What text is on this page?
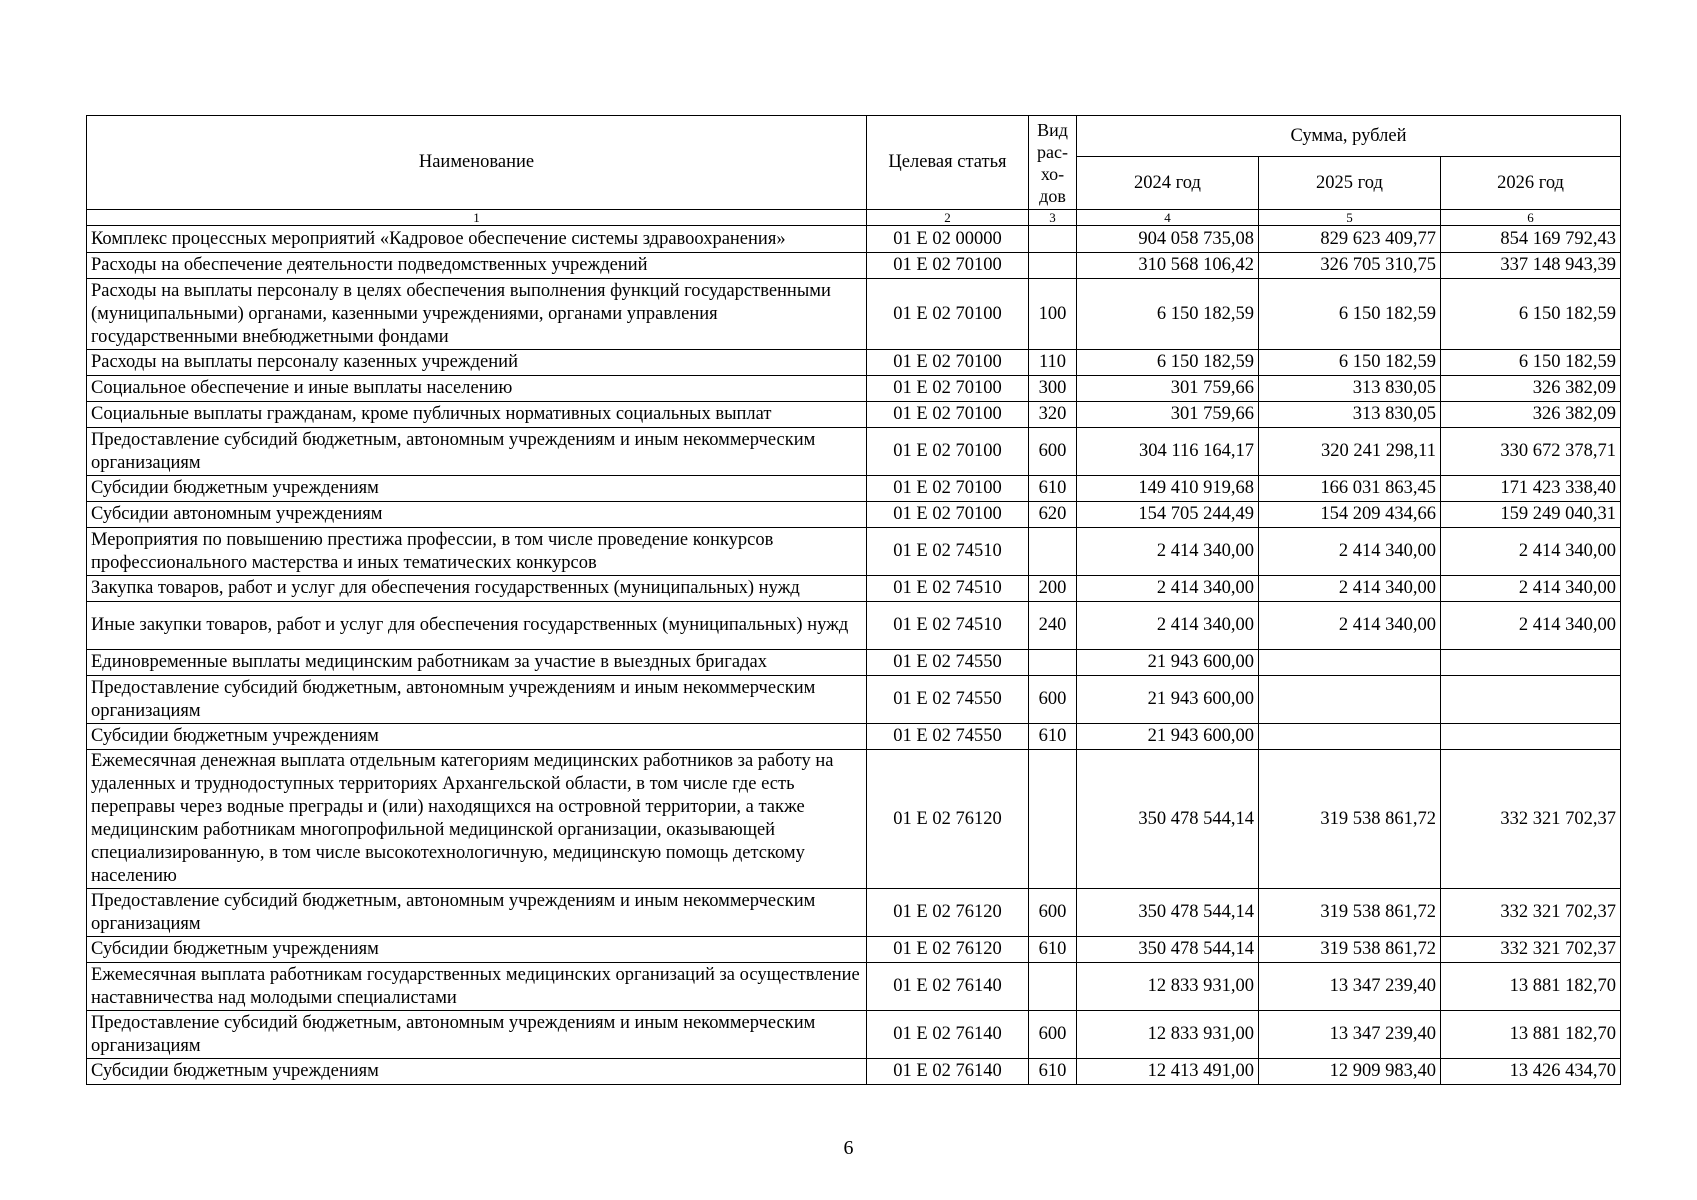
Наименование	Целевая статья	Вид рас-хо-дов	Сумма, рублей		
			2024 год	2025 год	2026 год
1	2	3	4	5	6
Комплекс процессных мероприятий «Кадровое обеспечение системы здравоохранения»	01 Е 02 00000		904 058 735,08	829 623 409,77	854 169 792,43
Расходы на обеспечение деятельности подведомственных учреждений	01 Е 02 70100		310 568 106,42	326 705 310,75	337 148 943,39
Расходы на выплаты персоналу в целях обеспечения выполнения функций государственными (муниципальными) органами, казенными учреждениями, органами управления государственными внебюджетными фондами	01 Е 02 70100	100	6 150 182,59	6 150 182,59	6 150 182,59
Расходы на выплаты персоналу казенных учреждений	01 Е 02 70100	110	6 150 182,59	6 150 182,59	6 150 182,59
Социальное обеспечение и иные выплаты населению	01 Е 02 70100	300	301 759,66	313 830,05	326 382,09
Социальные выплаты гражданам, кроме публичных нормативных социальных выплат	01 Е 02 70100	320	301 759,66	313 830,05	326 382,09
Предоставление субсидий бюджетным, автономным учреждениям и иным некоммерческим организациям	01 Е 02 70100	600	304 116 164,17	320 241 298,11	330 672 378,71
Субсидии бюджетным учреждениям	01 Е 02 70100	610	149 410 919,68	166 031 863,45	171 423 338,40
Субсидии автономным учреждениям	01 Е 02 70100	620	154 705 244,49	154 209 434,66	159 249 040,31
Мероприятия по повышению престижа профессии, в том числе проведение конкурсов профессионального мастерства и иных тематических конкурсов	01 Е 02 74510		2 414 340,00	2 414 340,00	2 414 340,00
Закупка товаров, работ и услуг для обеспечения государственных (муниципальных) нужд	01 Е 02 74510	200	2 414 340,00	2 414 340,00	2 414 340,00
Иные закупки товаров, работ и услуг для обеспечения государственных (муниципальных) нужд	01 Е 02 74510	240	2 414 340,00	2 414 340,00	2 414 340,00
Единовременные выплаты медицинским работникам за участие в выездных бригадах	01 Е 02 74550		21 943 600,00		
Предоставление субсидий бюджетным, автономным учреждениям и иным некоммерческим организациям	01 Е 02 74550	600	21 943 600,00		
Субсидии бюджетным учреждениям	01 Е 02 74550	610	21 943 600,00		
Ежемесячная денежная выплата отдельным категориям медицинских работников за работу на удаленных и труднодоступных территориях Архангельской области, в том числе где есть переправы через водные преграды и (или) находящихся на островной территории, а также медицинским работникам многопрофильной медицинской организации, оказывающей специализированную, в том числе высокотехнологичную, медицинскую помощь детскому населению	01 Е 02 76120		350 478 544,14	319 538 861,72	332 321 702,37
Предоставление субсидий бюджетным, автономным учреждениям и иным некоммерческим организациям	01 Е 02 76120	600	350 478 544,14	319 538 861,72	332 321 702,37
Субсидии бюджетным учреждениям	01 Е 02 76120	610	350 478 544,14	319 538 861,72	332 321 702,37
Ежемесячная выплата работникам государственных медицинских организаций за осуществление наставничества над молодыми специалистами	01 Е 02 76140		12 833 931,00	13 347 239,40	13 881 182,70
Предоставление субсидий бюджетным, автономным учреждениям и иным некоммерческим организациям	01 Е 02 76140	600	12 833 931,00	13 347 239,40	13 881 182,70
Субсидии бюджетным учреждениям	01 Е 02 76140	610	12 413 491,00	12 909 983,40	13 426 434,70
6
